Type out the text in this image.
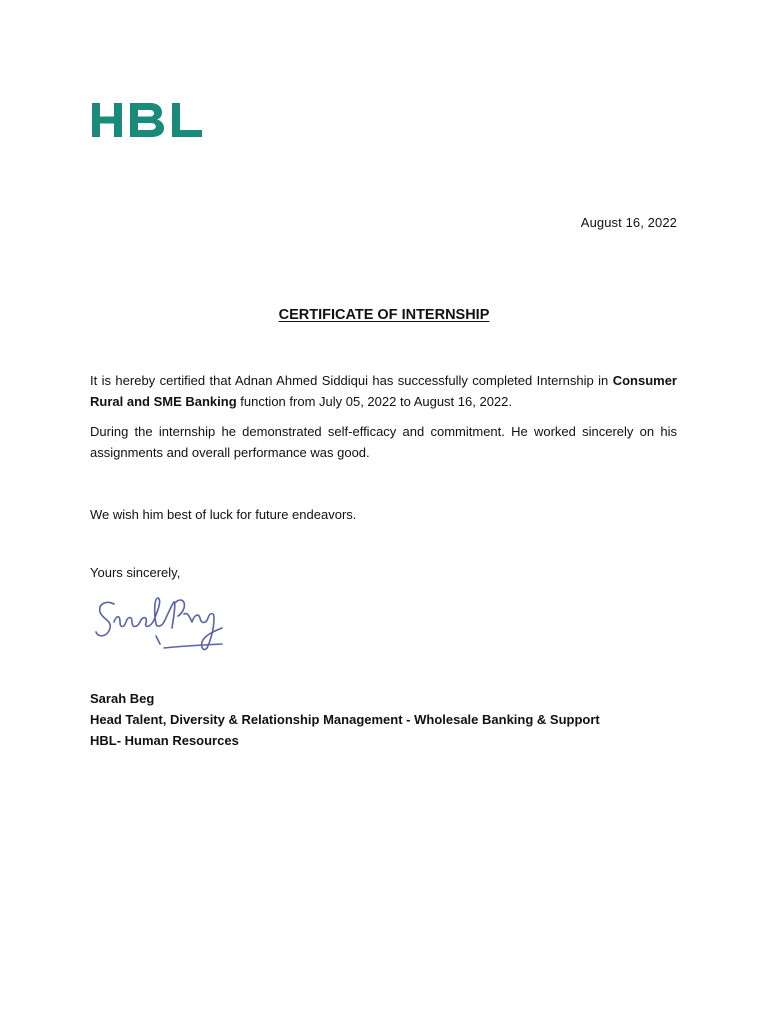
August 16, 2022
CERTIFICATE OF INTERNSHIP
It is hereby certified that Adnan Ahmed Siddiqui has successfully completed Internship in Consumer Rural and SME Banking function from July 05, 2022 to August 16, 2022.
During the internship he demonstrated self-efficacy and commitment. He worked sincerely on his assignments and overall performance was good.
We wish him best of luck for future endeavors.
Yours sincerely,
Sarah Beg
Head Talent, Diversity & Relationship Management - Wholesale Banking & Support
HBL- Human Resources
